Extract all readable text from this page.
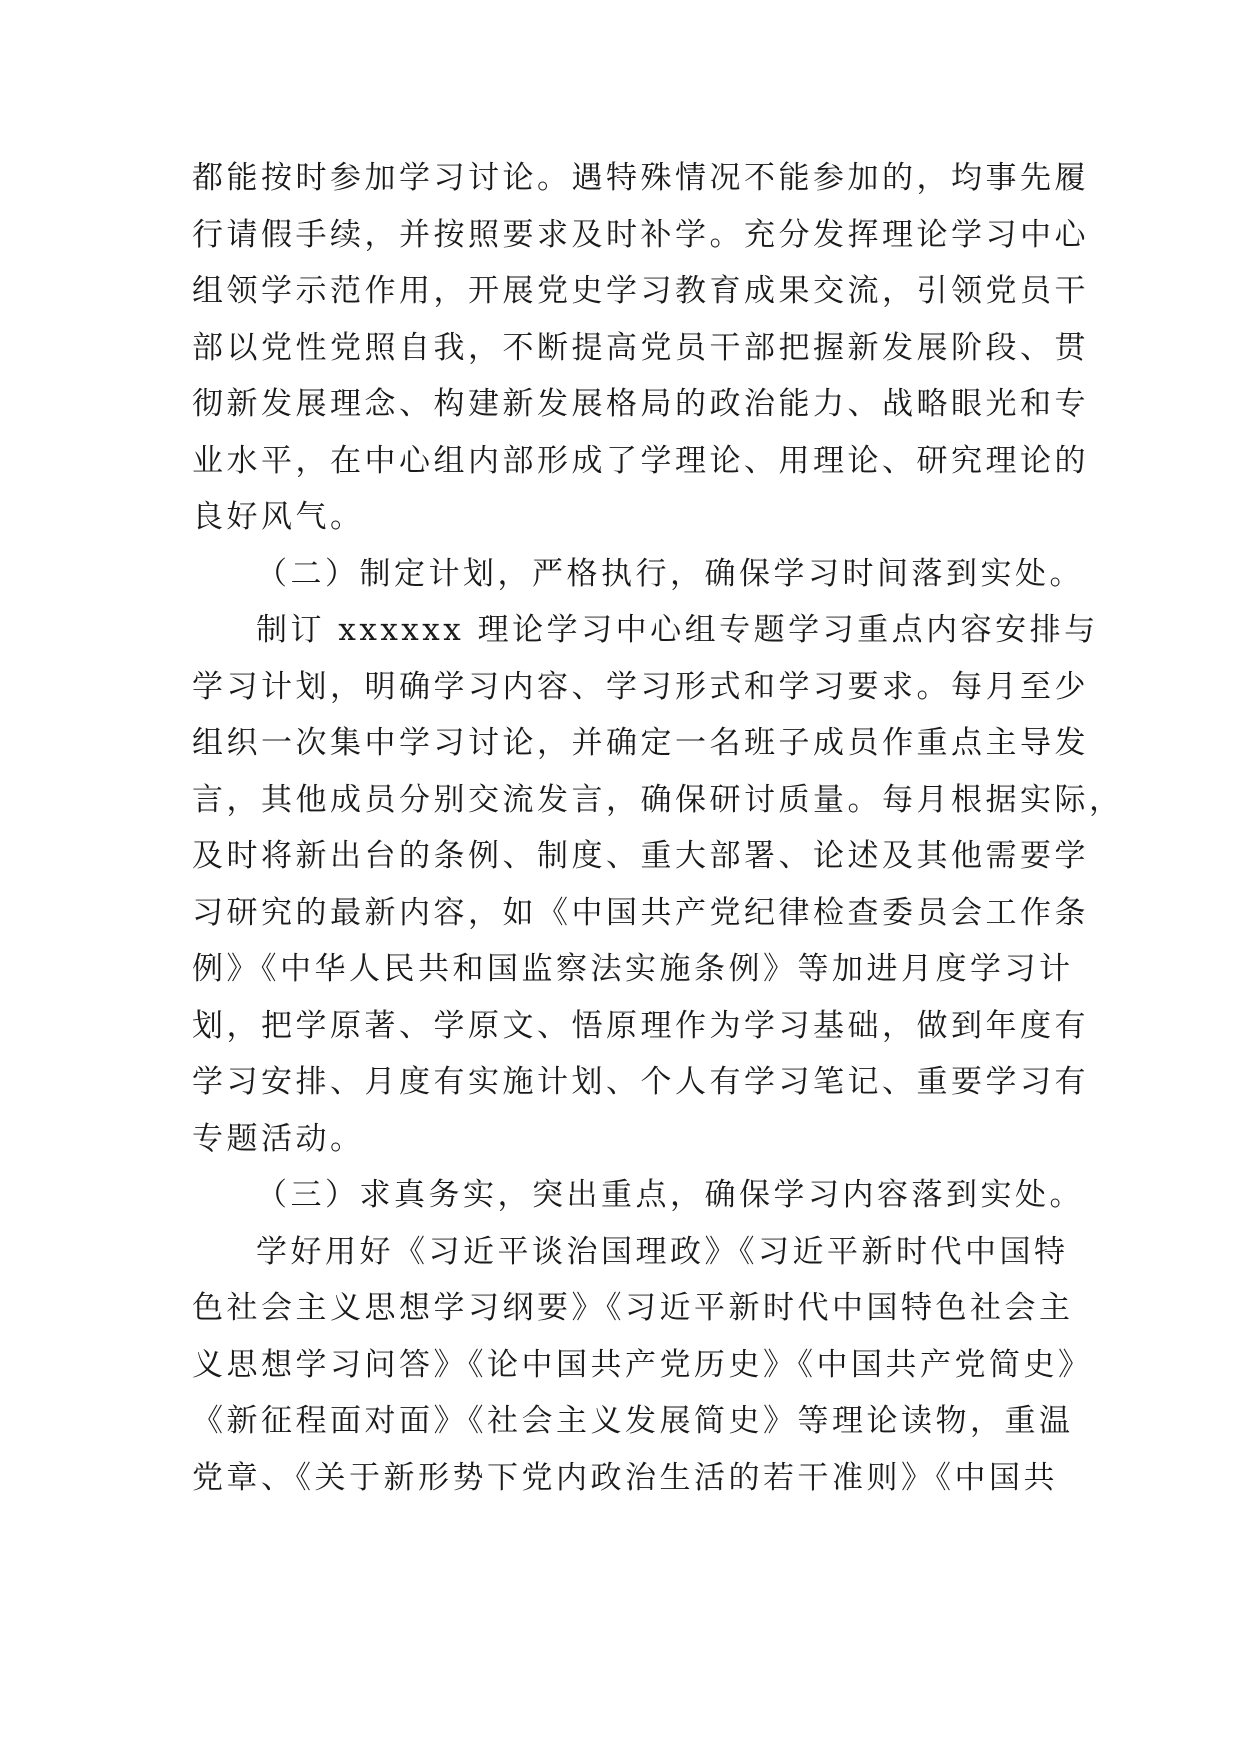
都能按时参加学习讨论。遇特殊情况不能参加的，均事先履
行请假手续，并按照要求及时补学。充分发挥理论学习中心
组领学示范作用，开展党史学习教育成果交流，引领党员干
部以党性党照自我，不断提高党员干部把握新发展阶段、贯
彻新发展理念、构建新发展格局的政治能力、战略眼光和专
业水平，在中心组内部形成了学理论、用理论、研究理论的
良好风气。
（二）制定计划，严格执行，确保学习时间落到实处。
制订 xxxxxx 理论学习中心组专题学习重点内容安排与
学习计划，明确学习内容、学习形式和学习要求。每月至少
组织一次集中学习讨论，并确定一名班子成员作重点主导发
言，其他成员分别交流发言，确保研讨质量。每月根据实际，
及时将新出台的条例、制度、重大部署、论述及其他需要学
习研究的最新内容，如《中国共产党纪律检查委员会工作条
例》《中华人民共和国监察法实施条例》等加进月度学习计
划，把学原著、学原文、悟原理作为学习基础，做到年度有
学习安排、月度有实施计划、个人有学习笔记、重要学习有
专题活动。
（三）求真务实，突出重点，确保学习内容落到实处。
学好用好《习近平谈治国理政》《习近平新时代中国特
色社会主义思想学习纲要》《习近平新时代中国特色社会主
义思想学习问答》《论中国共产党历史》《中国共产党简史》
《新征程面对面》《社会主义发展简史》等理论读物，重温
党章、《关于新形势下党内政治生活的若干准则》《中国共
